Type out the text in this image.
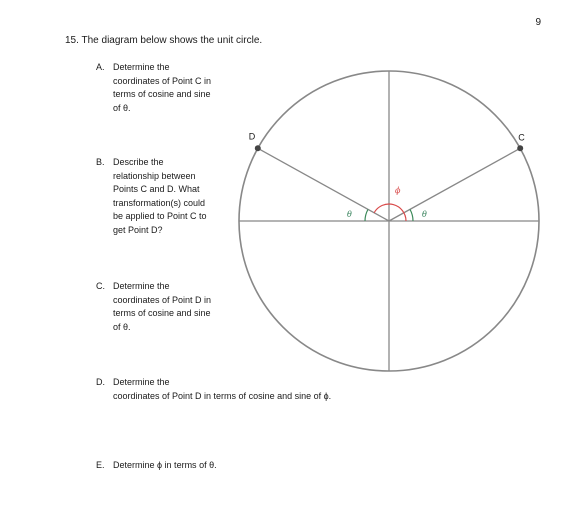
9
15. The diagram below shows the unit circle.
A. Determine the
coordinates of Point C in
terms of cosine and sine
of θ.
B. Describe the
relationship between
Points C and D. What
transformation(s) could
be applied to Point C to
get Point D?
C. Determine the
coordinates of Point D in
terms of cosine and sine
of θ.
D. Determine the
coordinates of Point D in terms of cosine and sine of ϕ.
E. Determine ϕ in terms of θ.
C
D
θ
θ
ϕ
